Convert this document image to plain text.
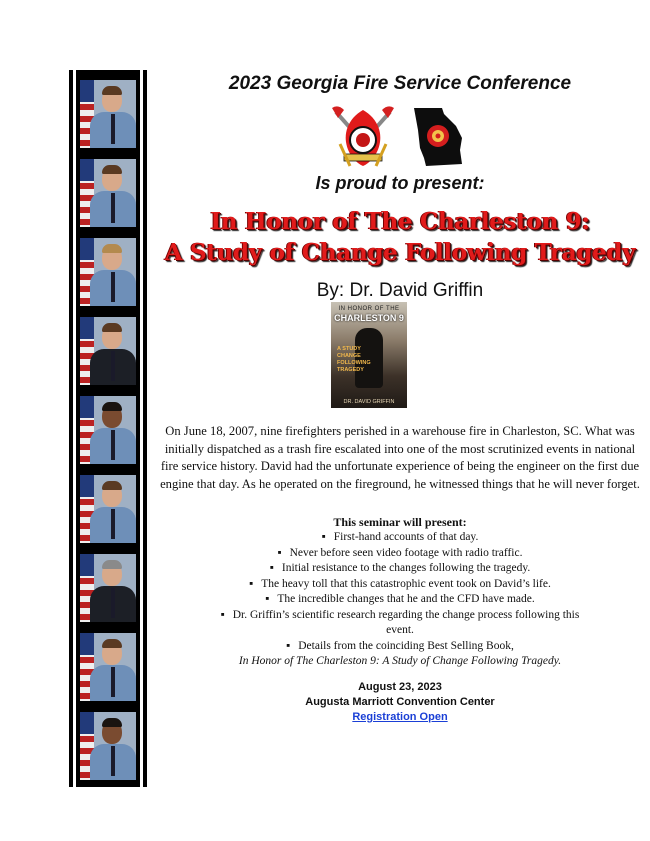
2023 Georgia Fire Service Conference
Is proud to present:
In Honor of The Charleston 9:
A Study of Change Following Tragedy
By: Dr. David Griffin
IN HONOR OF THE
CHARLESTON 9
A STUDY
CHANGE
FOLLOWING
TRAGEDY
DR. DAVID GRIFFIN
On June 18, 2007, nine firefighters perished in a warehouse fire in Charleston, SC. What was initially dispatched as a trash fire escalated into one of the most scrutinized events in national fire service history. David had the unfortunate experience of being the engineer on the first due engine that day. As he operated on the fireground, he witnessed things that he will never forget.
This seminar will present:
▪ First-hand accounts of that day.
▪ Never before seen video footage with radio traffic.
▪ Initial resistance to the changes following the tragedy.
▪ The heavy toll that this catastrophic event took on David’s life.
▪ The incredible changes that he and the CFD have made.
▪ Dr. Griffin’s scientific research regarding the change process following this event.
▪ Details from the coinciding Best Selling Book,
In Honor of The Charleston 9: A Study of Change Following Tragedy.
August 23, 2023
Augusta Marriott Convention Center
Registration Open
